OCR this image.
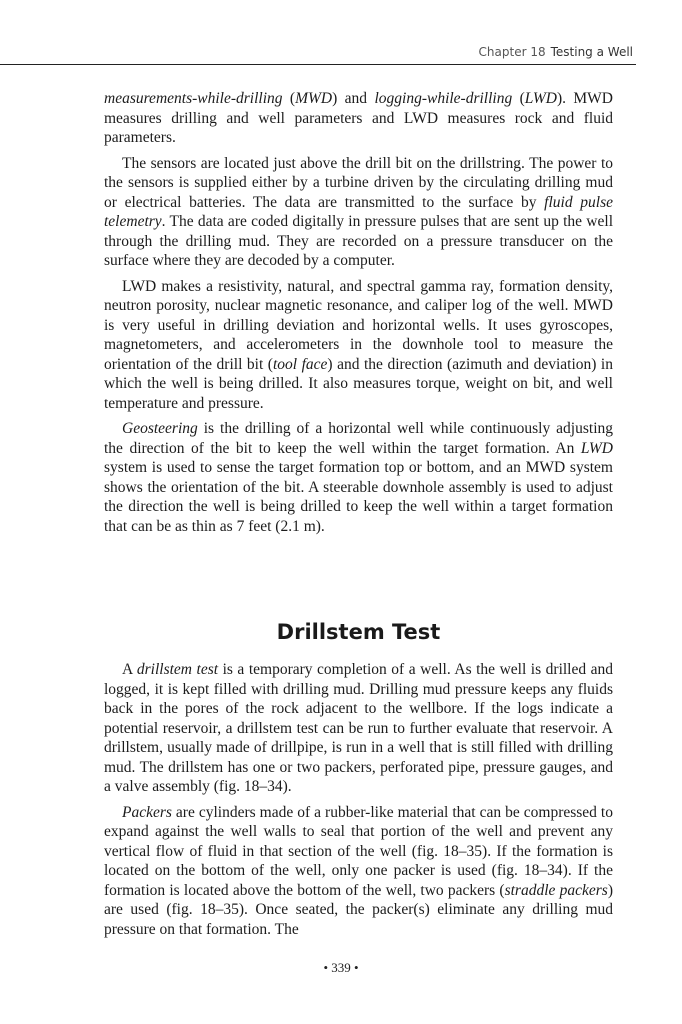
Chapter 18 Testing a Well

measurements-while-drilling (MWD) and logging-while-drilling (LWD). MWD measures drilling and well parameters and LWD measures rock and fluid parameters.

The sensors are located just above the drill bit on the drillstring. The power to the sensors is supplied either by a turbine driven by the circulating drilling mud or electrical batteries. The data are transmitted to the surface by fluid pulse telemetry. The data are coded digitally in pressure pulses that are sent up the well through the drilling mud. They are recorded on a pressure transducer on the surface where they are decoded by a computer.

LWD makes a resistivity, natural, and spectral gamma ray, formation density, neutron porosity, nuclear magnetic resonance, and caliper log of the well. MWD is very useful in drilling deviation and horizontal wells. It uses gyroscopes, magnetometers, and accelerometers in the downhole tool to measure the orientation of the drill bit (tool face) and the direction (azimuth and deviation) in which the well is being drilled. It also measures torque, weight on bit, and well temperature and pressure.

Geosteering is the drilling of a horizontal well while continuously adjusting the direction of the bit to keep the well within the target formation. An LWD system is used to sense the target formation top or bottom, and an MWD system shows the orientation of the bit. A steerable downhole assembly is used to adjust the direction the well is being drilled to keep the well within a target formation that can be as thin as 7 feet (2.1 m).

Drillstem Test

A drillstem test is a temporary completion of a well. As the well is drilled and logged, it is kept filled with drilling mud. Drilling mud pressure keeps any fluids back in the pores of the rock adjacent to the wellbore. If the logs indicate a potential reservoir, a drillstem test can be run to further evaluate that reservoir. A drillstem, usually made of drillpipe, is run in a well that is still filled with drilling mud. The drillstem has one or two packers, perforated pipe, pressure gauges, and a valve assembly (fig. 18–34).

Packers are cylinders made of a rubber-like material that can be compressed to expand against the well walls to seal that portion of the well and prevent any vertical flow of fluid in that section of the well (fig. 18–35). If the formation is located on the bottom of the well, only one packer is used (fig. 18–34). If the formation is located above the bottom of the well, two packers (straddle packers) are used (fig. 18–35). Once seated, the packer(s) eliminate any drilling mud pressure on that formation. The

• 339 •
